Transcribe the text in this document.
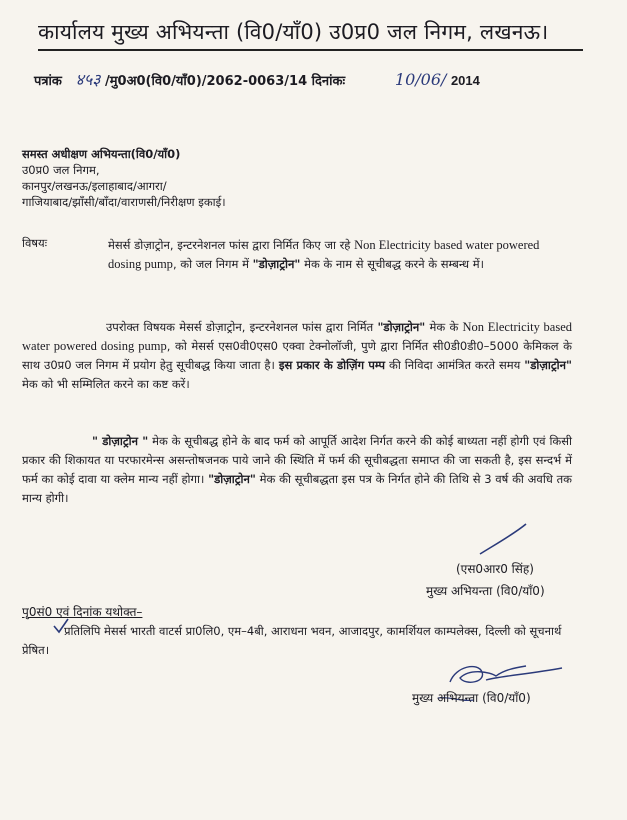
कार्यालय मुख्य अभियन्ता (वि0/याँ0) उ0प्र0 जल निगम, लखनऊ।
पत्रांक ४५३ /मु0अ0(वि0/याँ0)/2062-0063/14 दिनांकः	10/06/ 2014
समस्त अधीक्षण अभियन्ता(वि0/याँ0)
उ0प्र0 जल निगम,
कानपुर/लखनऊ/इलाहाबाद/आगरा/
गाजियाबाद/झाँसी/बाँदा/वाराणसी/निरीक्षण इकाई।
विषयः	मेसर्स डोज़ाट्रोन, इन्टरनेशनल फांस द्वारा निर्मित किए जा रहे Non Electricity based water powered dosing pump, को जल निगम में "डोज़ाट्रोन" मेक के नाम से सूचीबद्ध करने के सम्बन्ध में।
उपरोक्त विषयक मेसर्स डोज़ाट्रोन, इन्टरनेशनल फांस द्वारा निर्मित "डोज़ाट्रोन" मेक के Non Electricity based water powered dosing pump, को मेसर्स एस0वी0एस0 एक्वा टेक्नोलॉजी, पुणे द्वारा निर्मित सी0डी0डी0–5000 केमिकल के साथ उ0प्र0 जल निगम में प्रयोग हेतु सूचीबद्ध किया जाता है। इस प्रकार के डोज़िंग पम्प की निविदा आमंत्रित करते समय "डोज़ाट्रोन" मेक को भी सम्मिलित करने का कष्ट करें।
" डोज़ाट्रोन " मेक के सूचीबद्ध होने के बाद फर्म को आपूर्ति आदेश निर्गत करने की कोई बाध्यता नहीं होगी एवं किसी प्रकार की शिकायत या परफारमेन्स असन्तोषजनक पाये जाने की स्थिति में फर्म की सूचीबद्धता समाप्त की जा सकती है, इस सन्दर्भ में फर्म का कोई दावा या क्लेम मान्य नहीं होगा। "डोज़ाट्रोन" मेक की सूचीबद्धता इस पत्र के निर्गत होने की तिथि से 3 वर्ष की अवधि तक मान्य होगी।
(एस0आर0 सिंह)
मुख्य अभियन्ता (वि0/याँ0)
पृ0सं0 एवं दिनांक यथोक्त–
प्रतिलिपि मेसर्स भारती वाटर्स प्रा0लि0, एम–4बी, आराधना भवन, आजादपुर, कामर्शियल काम्पलेक्स, दिल्ली को सूचनार्थ प्रेषित।
मुख्य अभियन्ता (वि0/याँ0)
